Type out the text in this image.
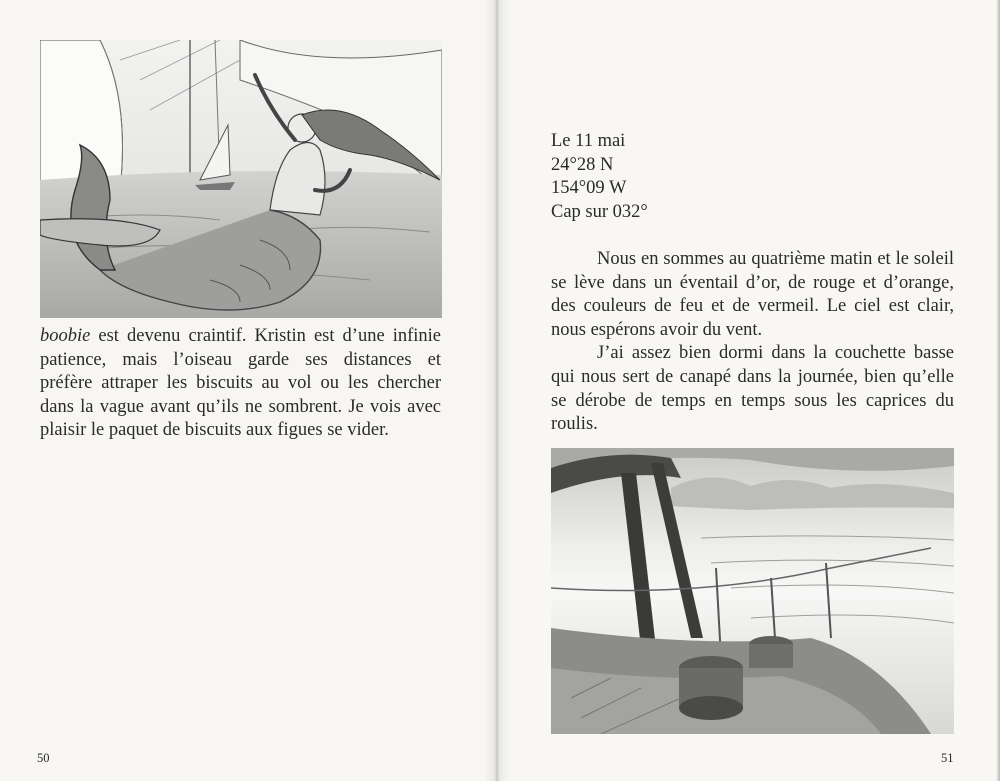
boobie est devenu craintif. Kristin est d’une infinie
patience, mais l’oiseau garde ses distances et
préfère attraper les biscuits au vol ou les chercher
dans la vague avant qu’ils ne sombrent. Je vois avec
plaisir le paquet de biscuits aux figues se vider.
50
Le 11 mai
24°28 N
154°09 W
Cap sur 032°

Nous en sommes au quatrième matin et le soleil se lève dans un éventail d’or, de rouge et d’orange, des couleurs de feu et de vermeil. Le ciel est clair, nous espérons avoir du vent.

J’ai assez bien dormi dans la couchette basse qui nous sert de canapé dans la journée, bien qu’elle se dérobe de temps en temps sous les caprices du roulis.

51
